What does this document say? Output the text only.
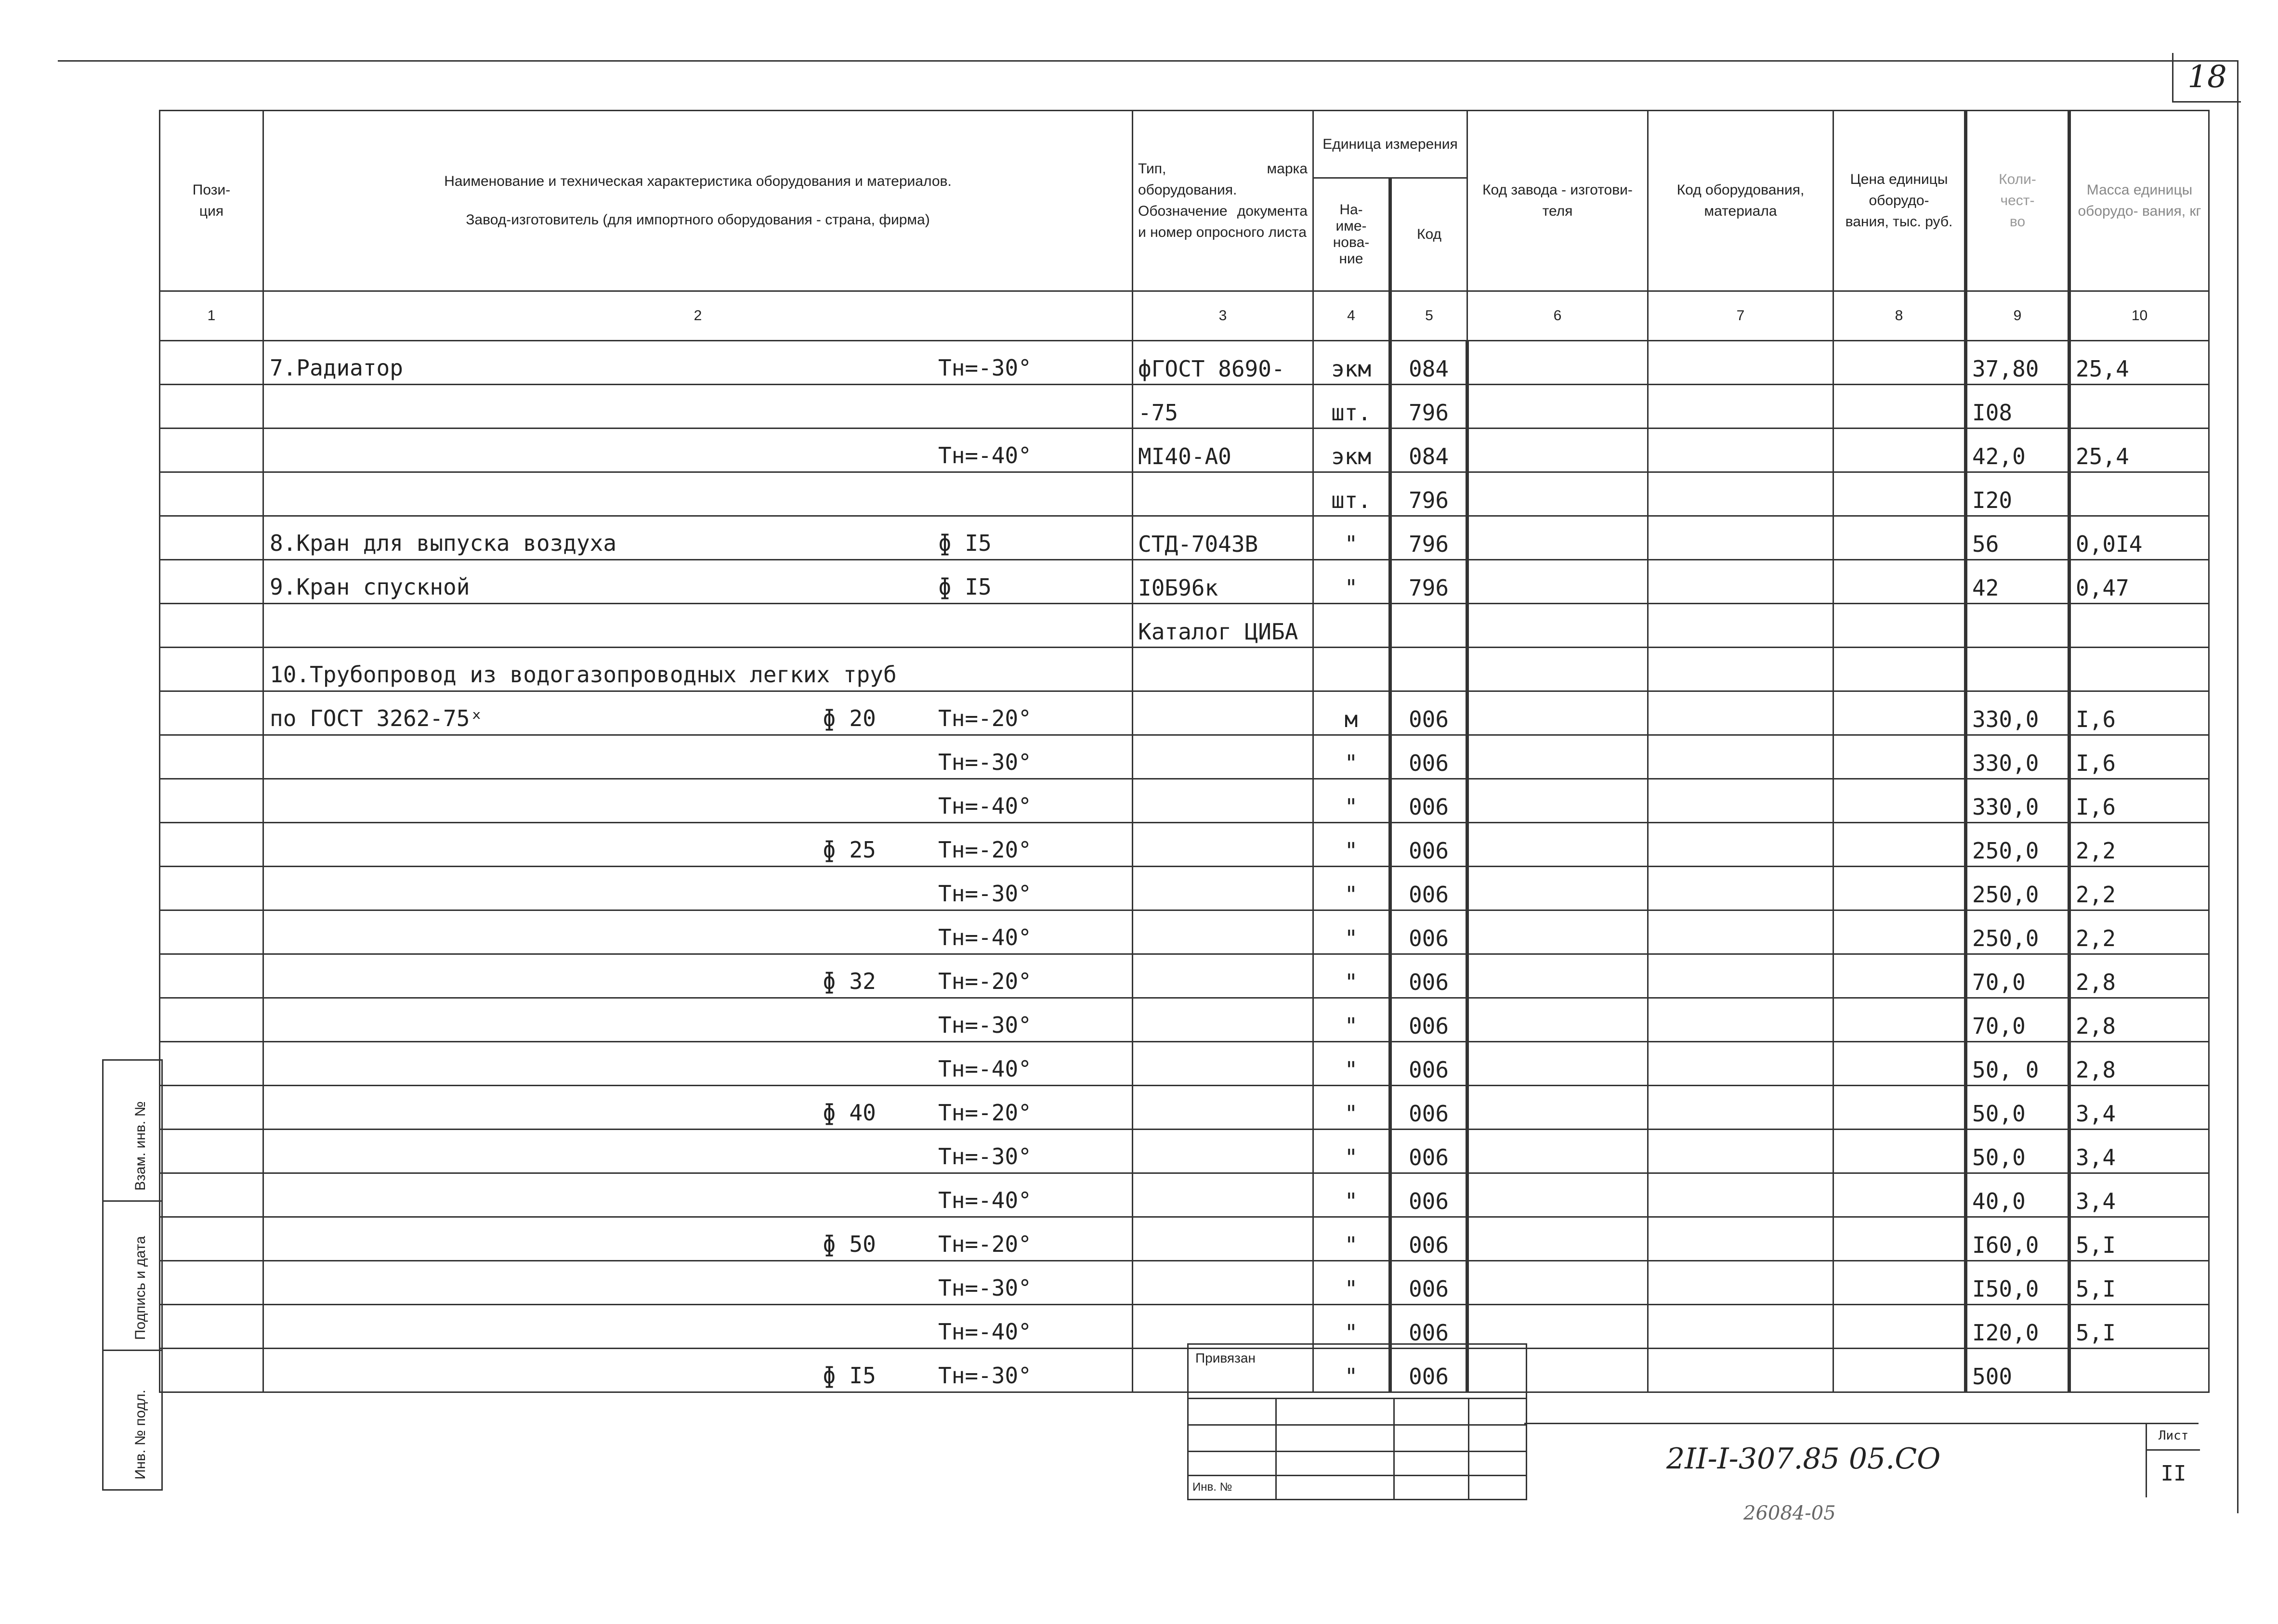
18
Пози-
ция	Наименование и техническая характеристика оборудования и материалов.
Завод-изготовитель (для импортного оборудования - страна, фирма)	Тип, марка оборудования. Обозначение документа и номер опросного листа	Единица измерения		Код завода - изготови-
теля	Код оборудования, материала	Цена единицы оборудо-
вания, тыс. руб.	Коли-
чест-
во	Масса единицы оборудо- вания, кг
			На-
име-
нова-
ние	Код					
1	2	3	4	5	6	7	8	9	10

	7.Радиатор Тн=-30°	фГОСТ 8690-	экм	084				37,80	25,4

	-75	шт.	796				I08	

	Тн=-40°	МI40-А0	экм	084				42,0	25,4

		шт.	796				I20	

	8.Кран для выпуска воздуха ɸ I5	СТД-7043В	"	796				56	0,0I4

	9.Кран спускной ɸ I5	I0Б96к	"	796				42	0,47

	Каталог ЦИБА							

	10.Трубопровод из водогазопроводных легких труб								

	по ГОСТ 3262-75ˣ ɸ 20 Тн=-20°		м	006				330,0	I,6

	Тн=-30°		"	006				330,0	I,6

	Тн=-40°		"	006				330,0	I,6

	ɸ 25 Тн=-20°		"	006				250,0	2,2

	Тн=-30°		"	006				250,0	2,2

	Тн=-40°		"	006				250,0	2,2

	ɸ 32 Тн=-20°		"	006				70,0	2,8

	Тн=-30°		"	006				70,0	2,8

	Тн=-40°		"	006				50, 0	2,8

	ɸ 40 Тн=-20°		"	006				50,0	3,4

	Тн=-30°		"	006				50,0	3,4

	Тн=-40°		"	006				40,0	3,4

	ɸ 50 Тн=-20°		"	006				I60,0	5,I

	Тн=-30°		"	006				I50,0	5,I

	Тн=-40°		"	006				I20,0	5,I

	ɸ I5 Тн=-30°		"	006				500	
Инв. № подл.
Подпись и дата
Взам. инв. №
Привязан
Инв. №
2II-I-307.85 05.СО
Лист
II
26084-05
